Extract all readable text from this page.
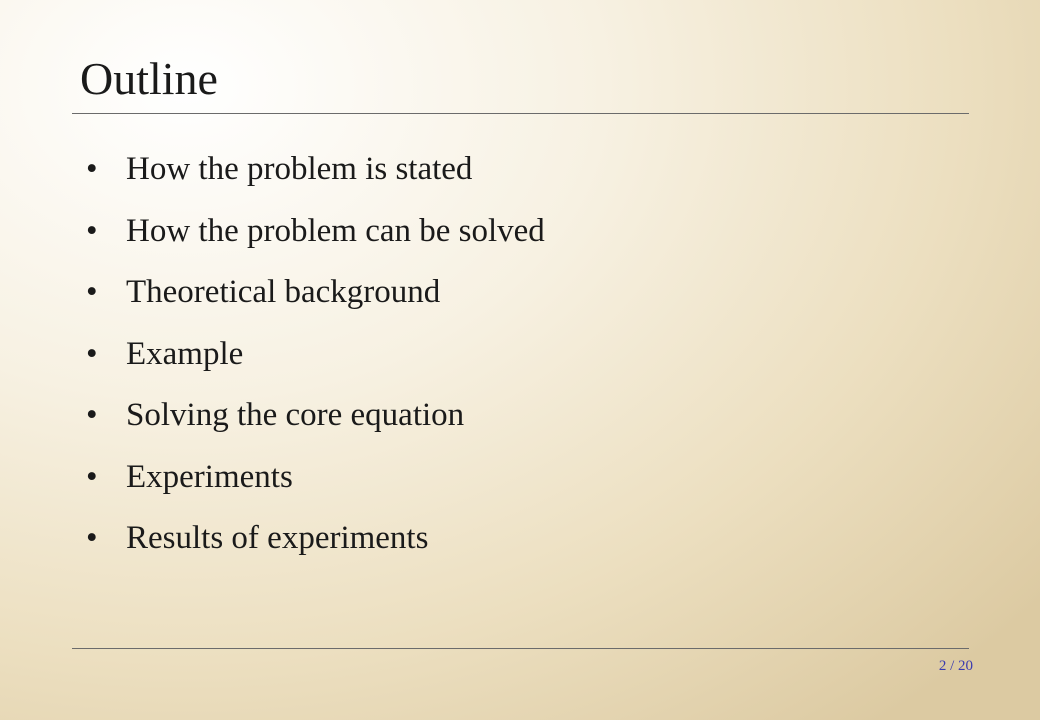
Outline
• How the problem is stated
• How the problem can be solved
• Theoretical background
• Example
• Solving the core equation
• Experiments
• Results of experiments
2 / 20
